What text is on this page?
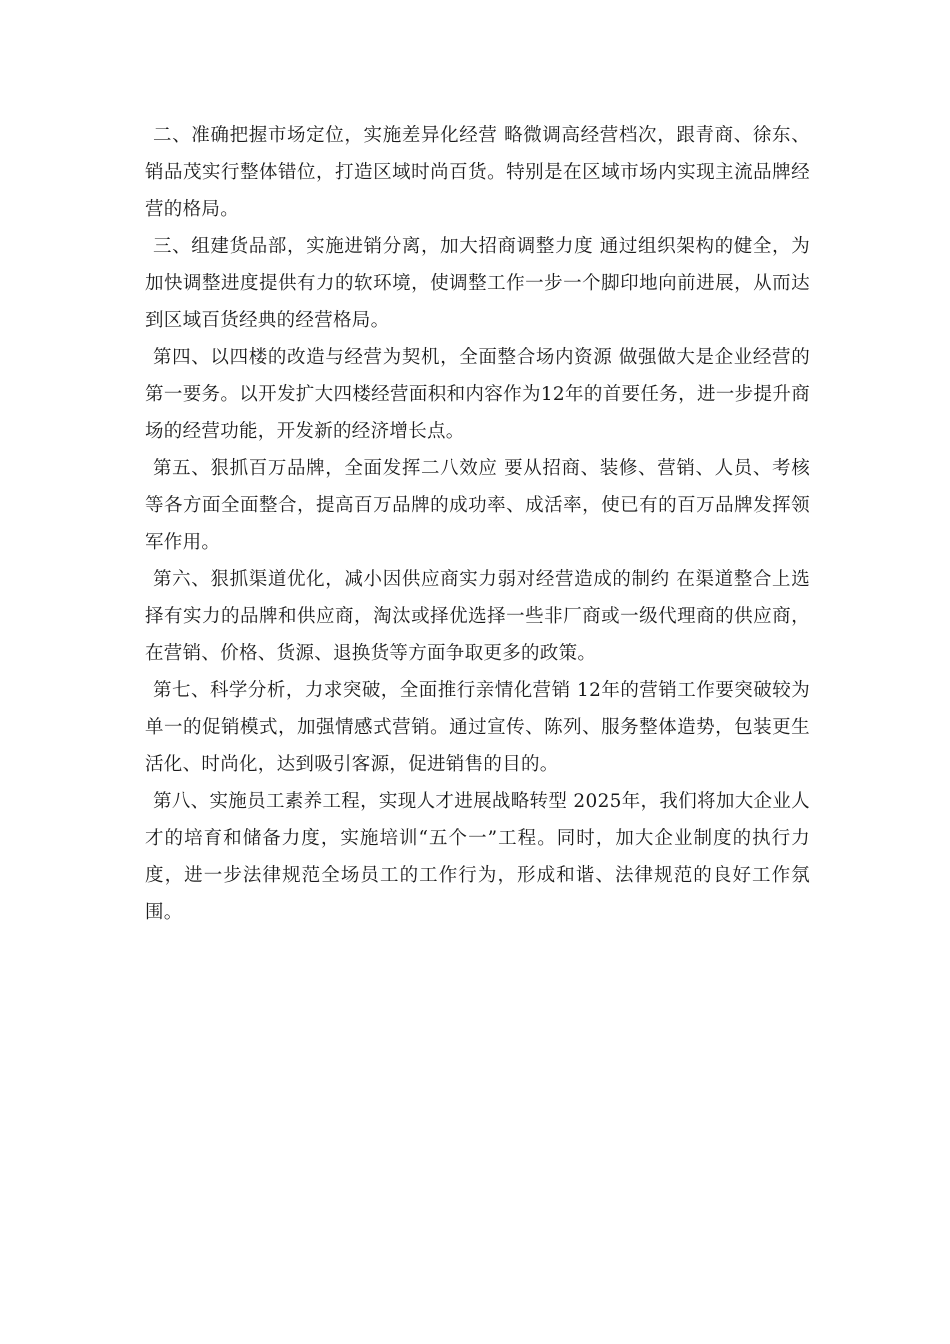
二、准确把握市场定位，实施差异化经营 略微调高经营档次，跟青商、徐东、销品茂实行整体错位，打造区域时尚百货。特别是在区域市场内实现主流品牌经营的格局。

三、组建货品部，实施进销分离，加大招商调整力度 通过组织架构的健全，为加快调整进度提供有力的软环境，使调整工作一步一个脚印地向前进展，从而达到区域百货经典的经营格局。

第四、以四楼的改造与经营为契机，全面整合场内资源 做强做大是企业经营的第一要务。以开发扩大四楼经营面积和内容作为12年的首要任务，进一步提升商场的经营功能，开发新的经济增长点。

第五、狠抓百万品牌，全面发挥二八效应 要从招商、装修、营销、人员、考核等各方面全面整合，提高百万品牌的成功率、成活率，使已有的百万品牌发挥领军作用。

第六、狠抓渠道优化，减小因供应商实力弱对经营造成的制约 在渠道整合上选择有实力的品牌和供应商，淘汰或择优选择一些非厂商或一级代理商的供应商，在营销、价格、货源、退换货等方面争取更多的政策。

第七、科学分析，力求突破，全面推行亲情化营销 12年的营销工作要突破较为单一的促销模式，加强情感式营销。通过宣传、陈列、服务整体造势，包装更生活化、时尚化，达到吸引客源，促进销售的目的。

第八、实施员工素养工程，实现人才进展战略转型 2025年，我们将加大企业人才的培育和储备力度，实施培训“五个一”工程。同时，加大企业制度的执行力度，进一步法律规范全场员工的工作行为，形成和谐、法律规范的良好工作氛围。
